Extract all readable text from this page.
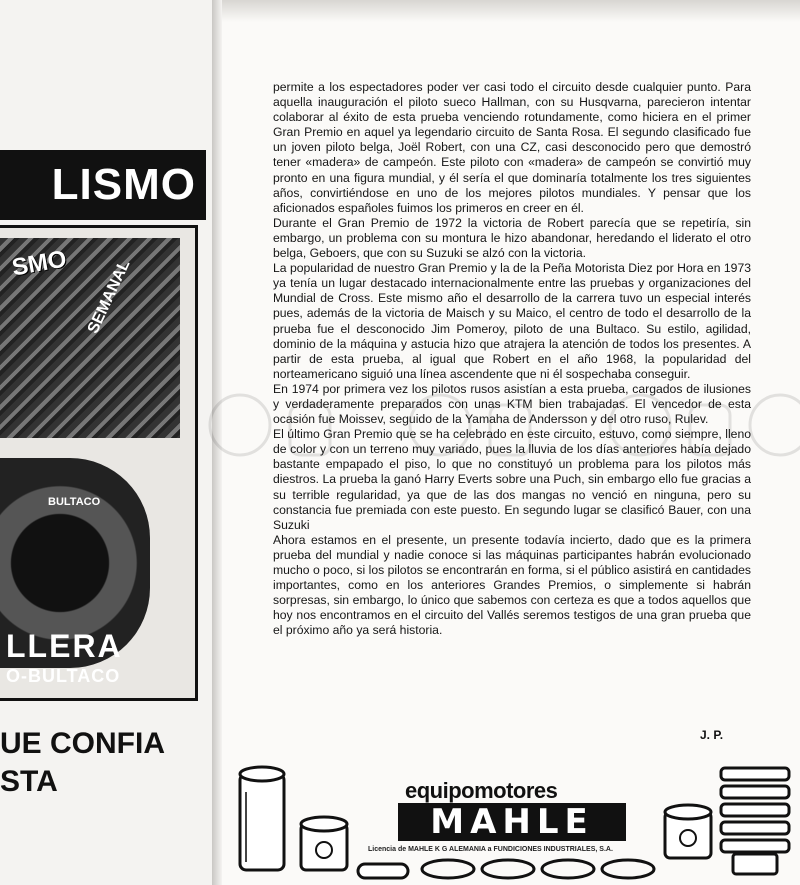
LISMO
SMO SEMANAL
BULTACO
LLERA
O-BULTACO
UE CONFIA
STA

permite a los espectadores poder ver casi todo el circuito desde cualquier punto. Para aquella inauguración el piloto sueco Hallman, con su Husqvarna, parecieron intentar colaborar al éxito de esta prueba venciendo rotundamente, como hiciera en el primer Gran Premio en aquel ya legendario circuito de Santa Rosa. El segundo clasificado fue un joven piloto belga, Joël Robert, con una CZ, casi desconocido pero que demostró tener «madera» de campeón. Este piloto con «madera» de campeón se convirtió muy pronto en una figura mundial, y él sería el que dominaría totalmente los tres siguientes años, convirtiéndose en uno de los mejores pilotos mundiales. Y pensar que los aficionados españoles fuimos los primeros en creer en él.

Durante el Gran Premio de 1972 la victoria de Robert parecía que se repetiría, sin embargo, un problema con su montura le hizo abandonar, heredando el liderato el otro belga, Geboers, que con su Suzuki se alzó con la victoria.

La popularidad de nuestro Gran Premio y la de la Peña Motorista Diez por Hora en 1973 ya tenía un lugar destacado internacionalmente entre las pruebas y organizaciones del Mundial de Cross. Este mismo año el desarrollo de la carrera tuvo un especial interés pues, además de la victoria de Maisch y su Maico, el centro de todo el desarrollo de la prueba fue el desconocido Jim Pomeroy, piloto de una Bultaco. Su estilo, agilidad, dominio de la máquina y astucia hizo que atrajera la atención de todos los presentes. A partir de esta prueba, al igual que Robert en el año 1968, la popularidad del norteamericano siguió una línea ascendente que ni él sospechaba conseguir.

En 1974 por primera vez los pilotos rusos asistían a esta prueba, cargados de ilusiones y verdaderamente preparados con unas KTM bien trabajadas. El vencedor de esta ocasión fue Moissev, seguido de la Yamaha de Andersson y del otro ruso, Rulev.

El último Gran Premio que se ha celebrado en este circuito, estuvo, como siempre, lleno de color y con un terreno muy variado, pues la lluvia de los días anteriores había dejado bastante empapado el piso, lo que no constituyó un problema para los pilotos más diestros. La prueba la ganó Harry Everts sobre una Puch, sin embargo ello fue gracias a su terrible regularidad, ya que de las dos mangas no venció en ninguna, pero su constancia fue premiada con este puesto. En segundo lugar se clasificó Bauer, con una Suzuki

Ahora estamos en el presente, un presente todavía incierto, dado que es la primera prueba del mundial y nadie conoce si las máquinas participantes habrán evolucionado mucho o poco, si los pilotos se encontrarán en forma, si el público asistirá en cantidades importantes, como en los anteriores Grandes Premios, o simplemente si habrán sorpresas, sin embargo, lo único que sabemos con certeza es que a todos aquellos que hoy nos encontramos en el circuito del Vallés seremos testigos de una gran prueba que el próximo año ya será historia.

J. P.
equipomotores
MAHLE
Licencia de MAHLE K G ALEMANIA a FUNDICIONES INDUSTRIALES, S.A.
